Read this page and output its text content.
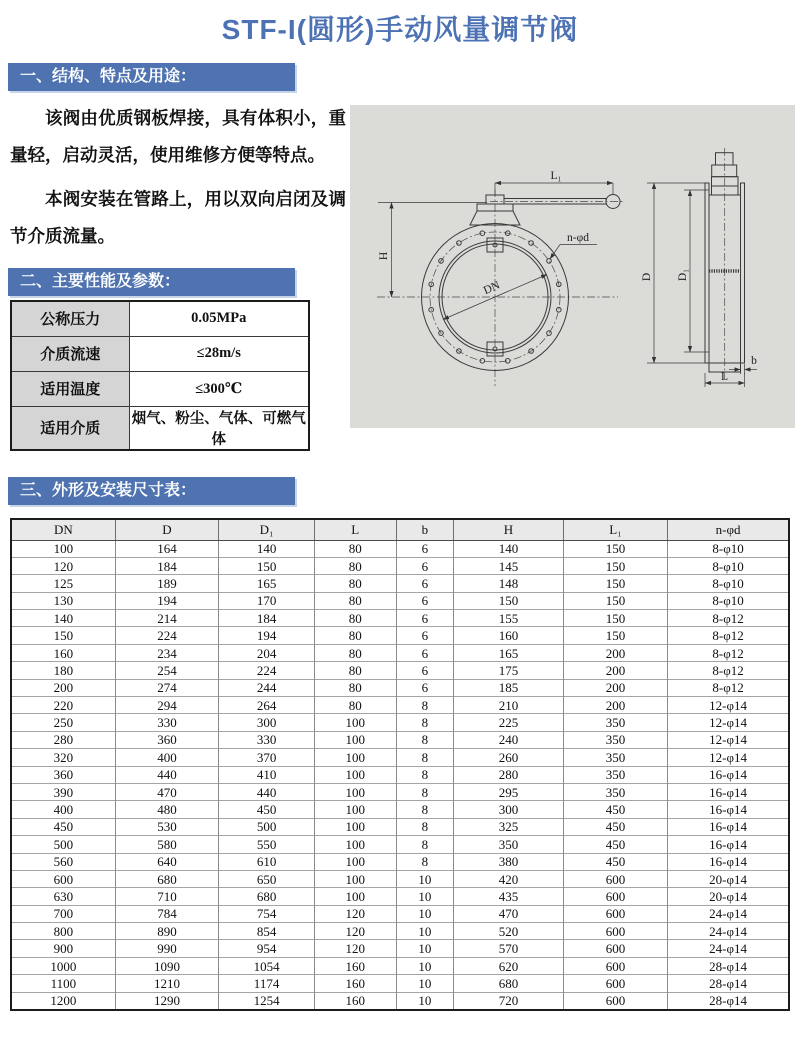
STF-I(圆形)手动风量调节阀
一、结构、特点及用途：

该阀由优质钢板焊接，具有体积小，重量轻，启动灵活，使用维修方便等特点。

本阀安装在管路上，用以双向启闭及调节介质流量。

L₁
H
DN
n-φd
D D₁
b
L
二、主要性能及参数：
公称压力	0.05MPa
介质流速	≤28m/s
适用温度	≤300℃
适用介质	烟气、粉尘、气体、可燃气体
三、外形及安装尺寸表：
DN	D	D₁	L	b	H	L₁	n-φd
100	164	140	80	6	140	150	8-φ10
120	184	150	80	6	145	150	8-φ10
125	189	165	80	6	148	150	8-φ10
130	194	170	80	6	150	150	8-φ10
140	214	184	80	6	155	150	8-φ12
150	224	194	80	6	160	150	8-φ12
160	234	204	80	6	165	200	8-φ12
180	254	224	80	6	175	200	8-φ12
200	274	244	80	6	185	200	8-φ12
220	294	264	80	8	210	200	12-φ14
250	330	300	100	8	225	350	12-φ14
280	360	330	100	8	240	350	12-φ14
320	400	370	100	8	260	350	12-φ14
360	440	410	100	8	280	350	16-φ14
390	470	440	100	8	295	350	16-φ14
400	480	450	100	8	300	450	16-φ14
450	530	500	100	8	325	450	16-φ14
500	580	550	100	8	350	450	16-φ14
560	640	610	100	8	380	450	16-φ14
600	680	650	100	10	420	600	20-φ14
630	710	680	100	10	435	600	20-φ14
700	784	754	120	10	470	600	24-φ14
800	890	854	120	10	520	600	24-φ14
900	990	954	120	10	570	600	24-φ14
1000	1090	1054	160	10	620	600	28-φ14
1100	1210	1174	160	10	680	600	28-φ14
1200	1290	1254	160	10	720	600	28-φ14
